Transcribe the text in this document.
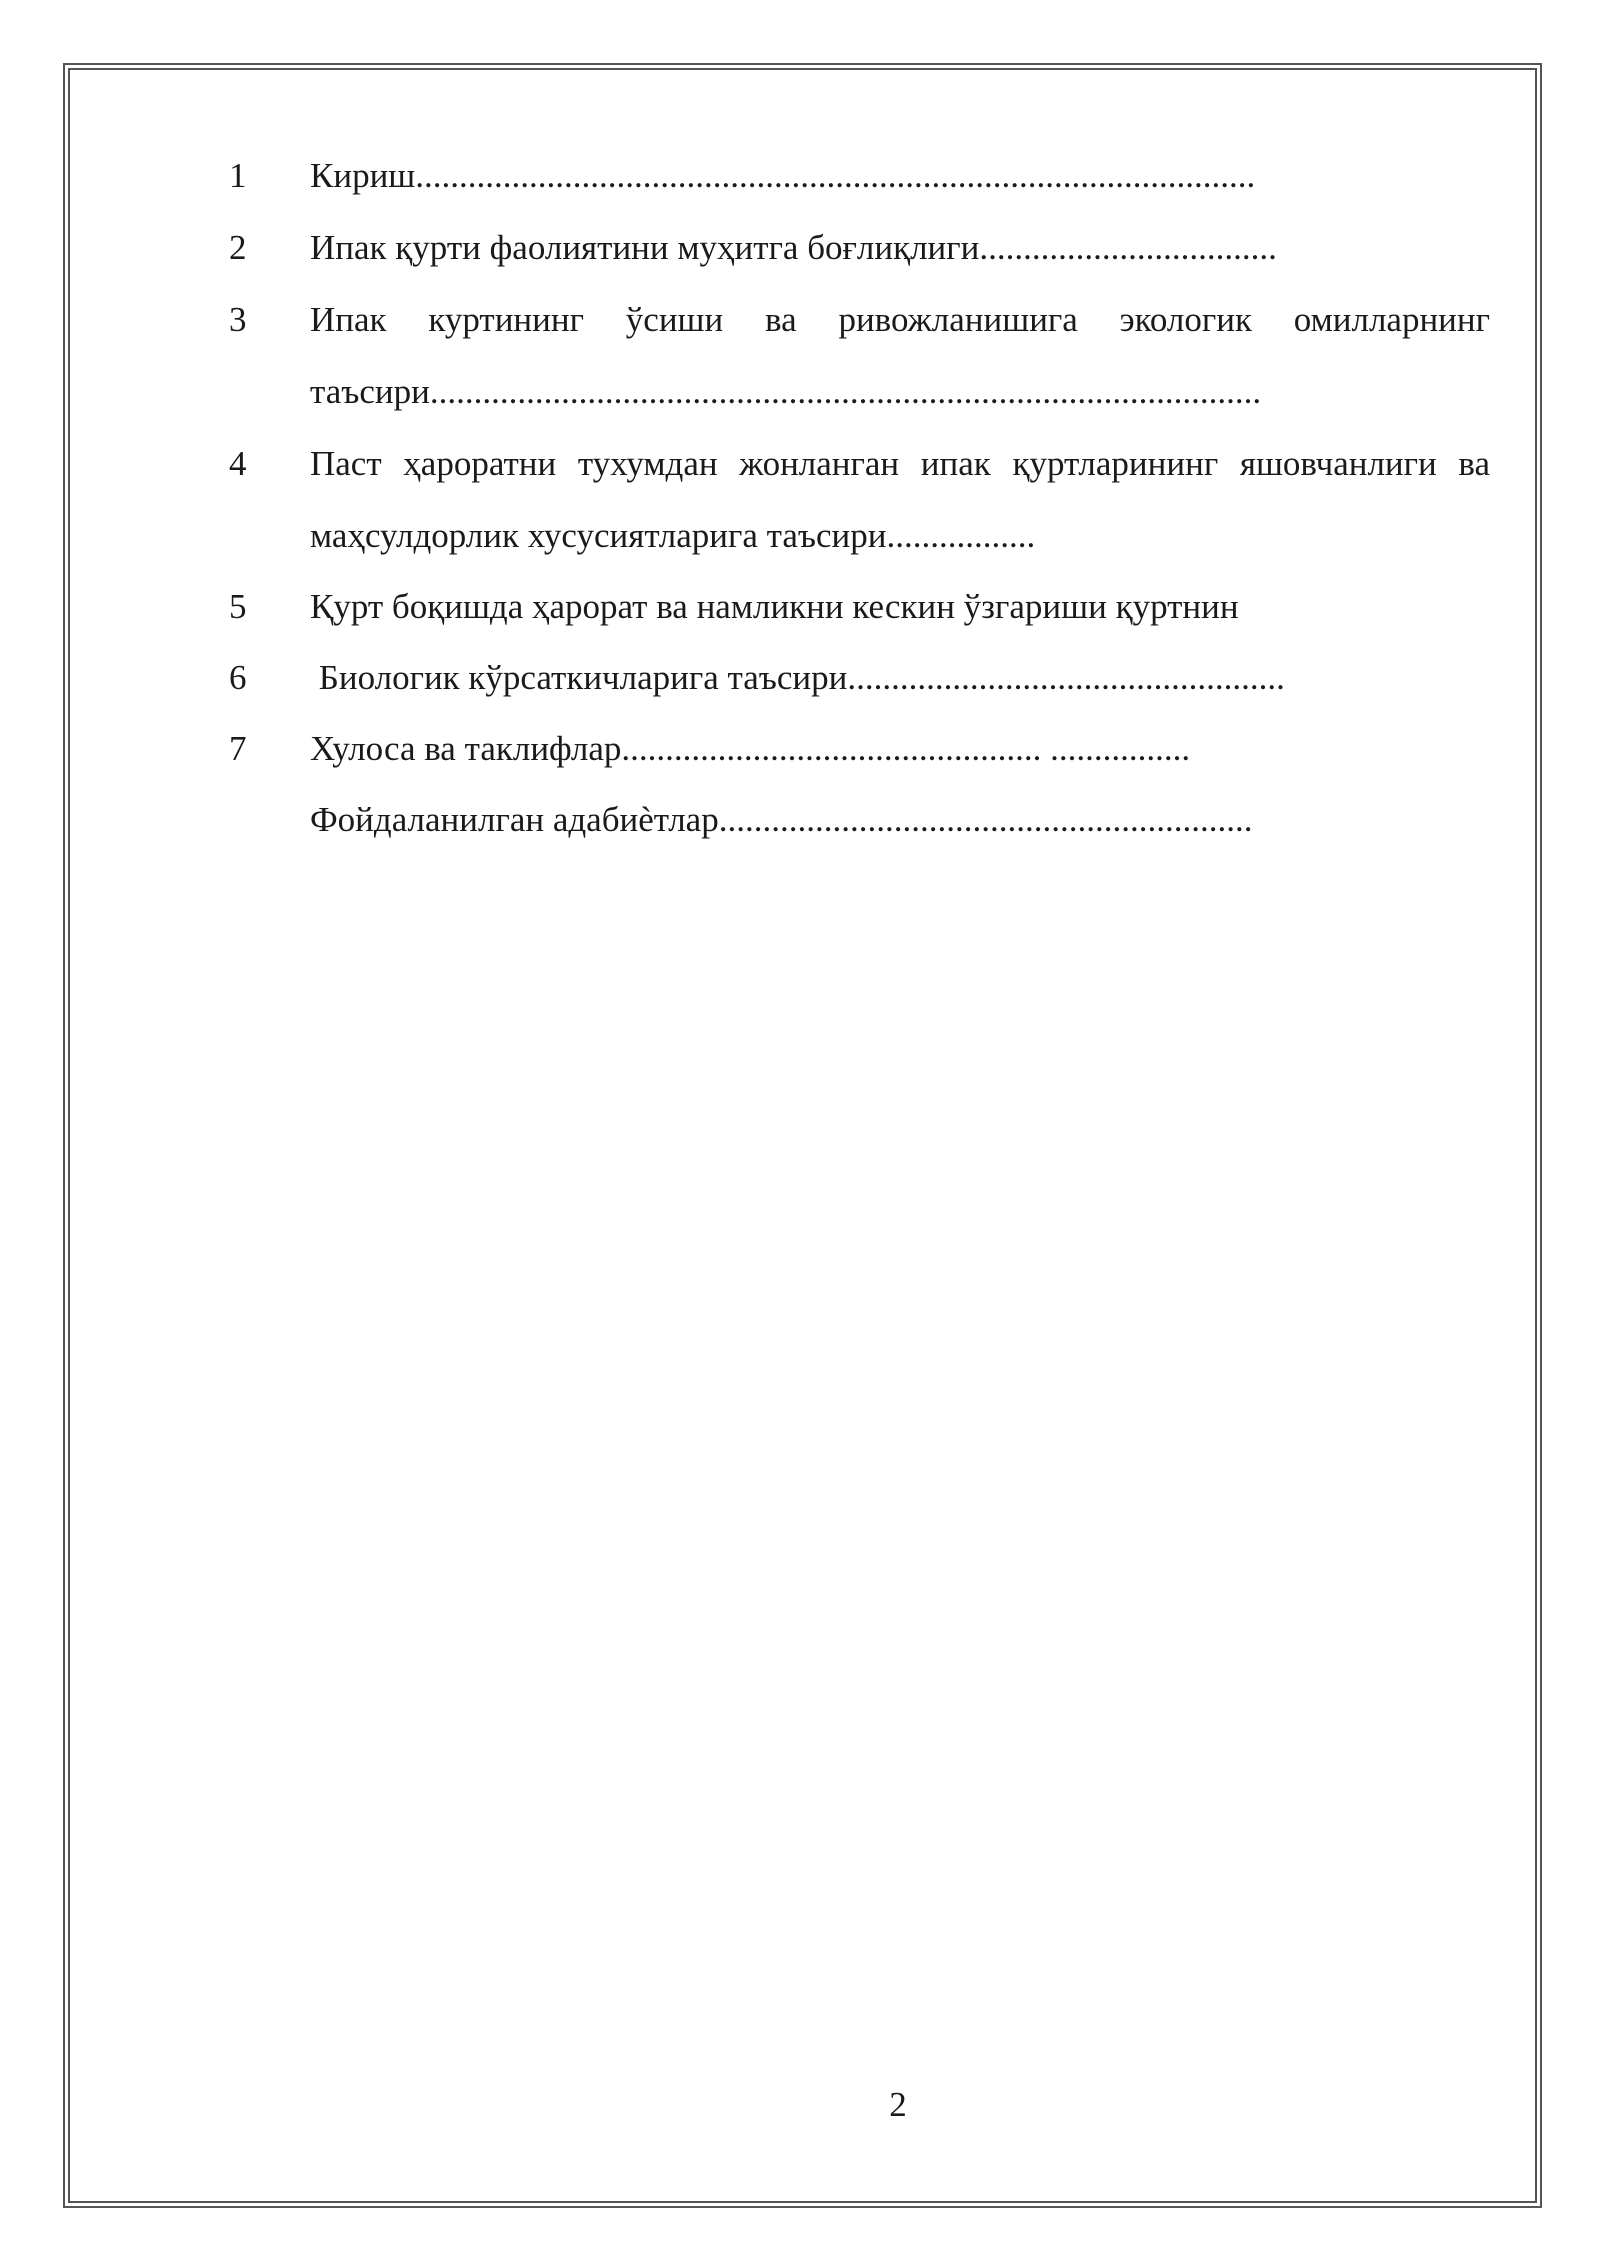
1	Кириш................................................................................................
2	Ипак қурти фаолиятини муҳитга боғлиқлиги..................................
3	Ипак куртининг ўсиши ва ривожланишига экологик омилларнинг
таъсири...............................................................................................
4	Паст ҳароратни тухумдан жонланган ипак қуртларининг яшовчанлиги ва
маҳсулдорлик хусусиятларига таъсири.................
5	Қурт боқишда ҳарорат ва намликни кескин ўзгариши қуртнин
6	Биологик кўрсаткичларига таъсири..................................................
7	Хулоса ва таклифлар................................................ ................
Фойдаланилган адабиѐтлар.............................................................
2
